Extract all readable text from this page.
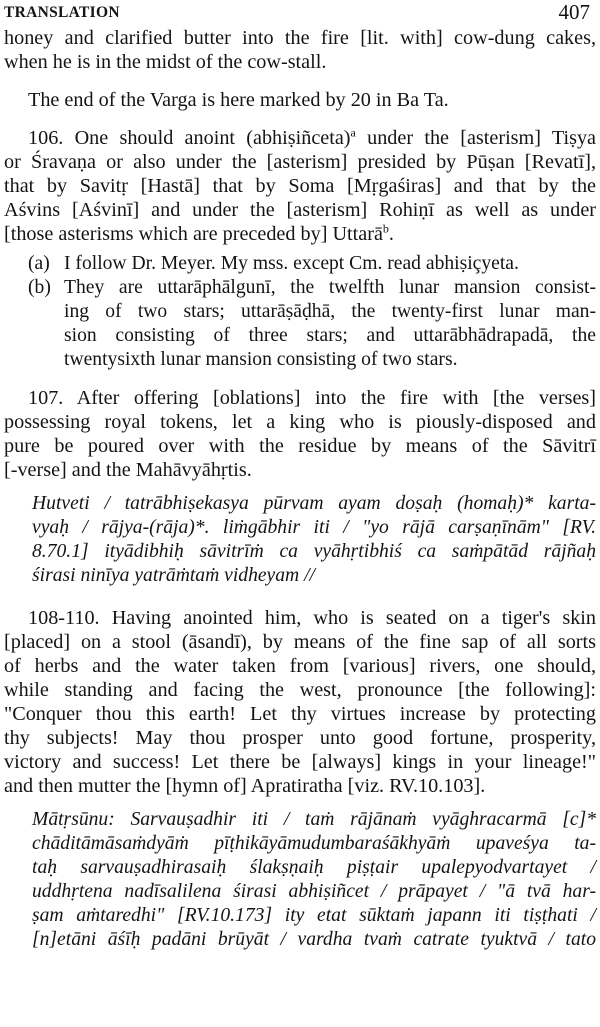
TRANSLATION	407
honey and clarified butter into the fire [lit. with] cow-dung cakes,
when he is in the midst of the cow-stall.
The end of the Varga is here marked by 20 in Ba Ta.
106. One should anoint (abhiṣiñceta)$^a$ under the [asterism] Tiṣya
or Śravaṇa or also under the [asterism] presided by Pūṣan [Revatī],
that by Savitṛ [Hastā] that by Soma [Mṛgaśiras] and that by the
Aśvins [Aśvinī] and under the [asterism] Rohiṇī as well as under
[those asterisms which are preceded by] Uttarā$^b$.
(a) I follow Dr. Meyer. My mss. except Cm. read abhiṣiçyeta.
(b) They are uttarāphālgunī, the twelfth lunar mansion consist-
ing of two stars; uttarāṣāḍhā, the twenty-first lunar man-
sion consisting of three stars; and uttarābhādrapadā, the
twentysixth lunar mansion consisting of two stars.
107. After offering [oblations] into the fire with [the verses]
possessing royal tokens, let a king who is piously-disposed and
pure be poured over with the residue by means of the Sāvitrī
[-verse] and the Mahāvyāhṛtis.
Hutveti / tatrābhiṣekasya pūrvam ayam doṣaḥ (homaḥ)* karta-
vyaḥ / rājya-(rāja)*. liṁgābhir iti / "yo rājā carṣaṇīnām" [RV.
8.70.1] ityādibhiḥ sāvitrīṁ ca vyāhṛtibhiś ca saṁpātād rājñaḥ
śirasi ninīya yatrāṁtaṁ vidheyam //
108-110. Having anointed him, who is seated on a tiger's skin
[placed] on a stool (āsandī), by means of the fine sap of all sorts
of herbs and the water taken from [various] rivers, one should,
while standing and facing the west, pronounce [the following]:
"Conquer thou this earth! Let thy virtues increase by protecting
thy subjects! May thou prosper unto good fortune, prosperity,
victory and success! Let there be [always] kings in your lineage!"
and then mutter the [hymn of] Apratiratha [viz. RV.10.103].
Mātṛsūnu: Sarvauṣadhir iti / taṁ rājānaṁ vyāghracarmā [c]*
chāditāmāsaṁdyāṁ pīṭhikāyāmudumbaraśākhyāṁ upaveśya ta-
taḥ sarvauṣadhirasaiḥ ślakṣṇaiḥ piṣṭair upalepyodvartayet /
uddhṛtena nadīsalilena śirasi abhiṣiñcet / prāpayet / "ā tvā har-
ṣam aṁtaredhi" [RV.10.173] ity etat sūktaṁ japann iti tiṣṭhati /
[n]etāni āśīḥ padāni brūyāt / vardha tvaṁ catrate tyuktvā / tato
